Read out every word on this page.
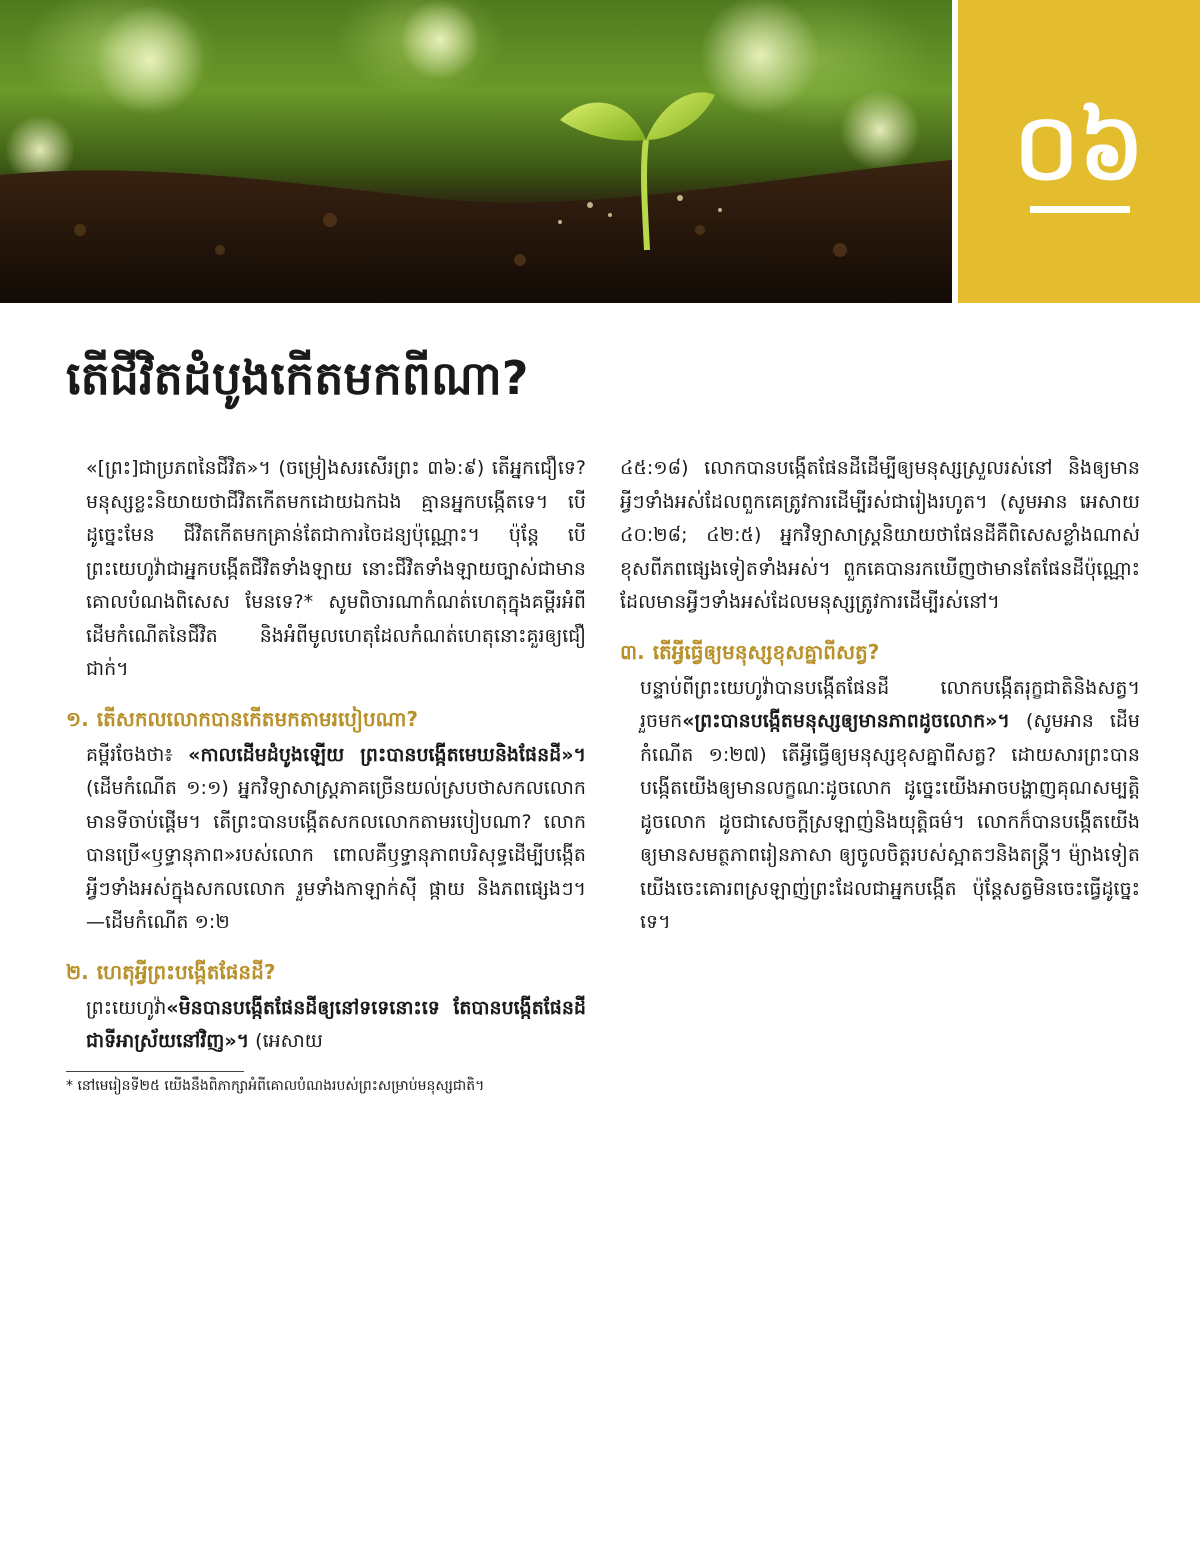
០៦
តើជីវិតដំបូងកើតមកពីណា?

«[ព្រះ]ជាប្រភពនៃជីវិត»។ (ចម្រៀងសរសើរព្រះ ៣៦:៩) តើអ្នកជឿទេ? មនុស្សខ្លះនិយាយថាជីវិតកើតមកដោយឯកឯង គ្មានអ្នកបង្កើតទេ។ បើដូច្នេះមែន ជីវិតកើតមកគ្រាន់តែជាការចៃដន្យប៉ុណ្ណោះ។ ប៉ុន្តែ បើព្រះយេហូវ៉ាជាអ្នកបង្កើតជីវិតទាំងឡាយ នោះជីវិតទាំងឡាយច្បាស់ជាមានគោលបំណងពិសេស មែនទេ?* សូមពិចារណាកំណត់ហេតុក្នុងគម្ពីរអំពីដើមកំណើតនៃជីវិត និងអំពីមូលហេតុដែលកំណត់ហេតុនោះគួរឲ្យជឿជាក់។

១. តើសកលលោកបានកើតមកតាមរបៀបណា?

គម្ពីរចែងថា៖ «កាលដើមដំបូងឡើយ ព្រះបានបង្កើតមេឃនិងផែនដី»។ (ដើមកំណើត ១:១) អ្នកវិទ្យាសាស្ត្រភាគច្រើនយល់ស្របថាសកលលោកមានទីចាប់ផ្ដើម។ តើព្រះបានបង្កើតសកលលោកតាមរបៀបណា? លោកបានប្រើ«ឫទ្ធានុភាព»របស់លោក ពោលគឺឫទ្ធានុភាពបរិសុទ្ធដើម្បីបង្កើតអ្វីៗទាំងអស់ក្នុងសកលលោក រួមទាំងកាឡាក់ស៊ី ផ្កាយ និងភពផ្សេងៗ។—ដើមកំណើត ១:២

២. ហេតុអ្វីព្រះបង្កើតផែនដី?

ព្រះយេហូវ៉ា«មិនបានបង្កើតផែនដីឲ្យនៅទទេនោះទេ តែបានបង្កើតផែនដីជាទីអាស្រ័យនៅវិញ»។ (អេសាយ

* នៅមេរៀនទី២៥ យើងនឹងពិភាក្សាអំពីគោលបំណងរបស់ព្រះសម្រាប់មនុស្សជាតិ។

៤៥:១៨) លោកបានបង្កើតផែនដីដើម្បីឲ្យមនុស្សស្រួលរស់នៅ និងឲ្យមានអ្វីៗទាំងអស់ដែលពួកគេត្រូវការដើម្បីរស់ជារៀងរហូត។ (សូមអាន អេសាយ ៤០:២៨; ៤២:៥) អ្នកវិទ្យាសាស្ត្រនិយាយថាផែនដីគឺពិសេសខ្លាំងណាស់ ខុសពីភពផ្សេងទៀតទាំងអស់។ ពួកគេបានរកឃើញថាមានតែផែនដីប៉ុណ្ណោះ ដែលមានអ្វីៗទាំងអស់ដែលមនុស្សត្រូវការដើម្បីរស់នៅ។

៣. តើអ្វីធ្វើឲ្យមនុស្សខុសគ្នាពីសត្វ?

បន្ទាប់ពីព្រះយេហូវ៉ាបានបង្កើតផែនដី លោកបង្កើតរុក្ខជាតិនិងសត្វ។ រួចមក«ព្រះបានបង្កើតមនុស្សឲ្យមានភាពដូចលោក»។ (សូមអាន ដើមកំណើត ១:២៧) តើអ្វីធ្វើឲ្យមនុស្សខុសគ្នាពីសត្វ? ដោយសារព្រះបានបង្កើតយើងឲ្យមានលក្ខណៈដូចលោក ដូច្នេះយើងអាចបង្ហាញគុណសម្បត្តិដូចលោក ដូចជាសេចក្ដីស្រឡាញ់និងយុត្តិធម៌។ លោកក៏បានបង្កើតយើងឲ្យមានសមត្ថភាពរៀនភាសា ឲ្យចូលចិត្តរបស់ស្អាតៗនិងតន្ត្រី។ ម៉្យាងទៀត យើងចេះគោរពស្រឡាញ់ព្រះដែលជាអ្នកបង្កើត ប៉ុន្តែសត្វមិនចេះធ្វើដូច្នេះទេ។
